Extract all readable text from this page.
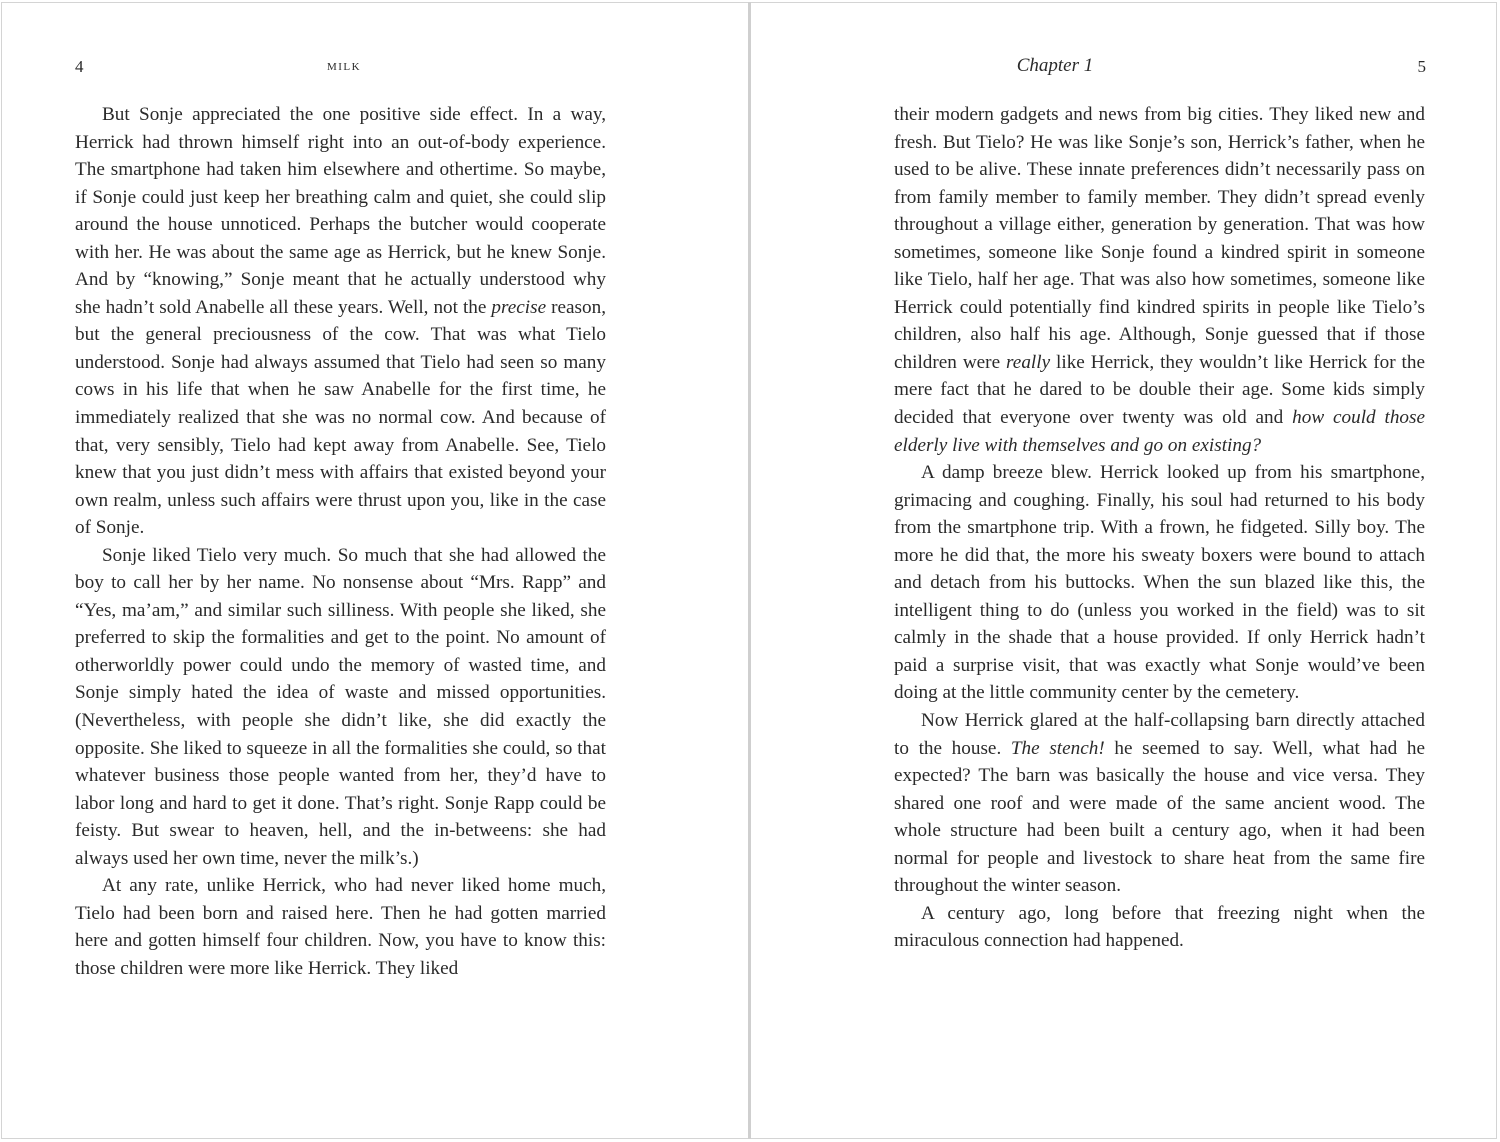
4	milk

But Sonje appreciated the one positive side effect. In a way, Herrick had thrown himself right into an out-of-body experience. The smartphone had taken him elsewhere and othertime. So maybe, if Sonje could just keep her breathing calm and quiet, she could slip around the house unnoticed. Perhaps the butcher would cooperate with her. He was about the same age as Herrick, but he knew Sonje. And by “knowing,” Sonje meant that he actually understood why she hadn’t sold Anabelle all these years. Well, not the precise reason, but the general preciousness of the cow. That was what Tielo understood. Sonje had always assumed that Tielo had seen so many cows in his life that when he saw Anabelle for the first time, he immediately realized that she was no normal cow. And because of that, very sensibly, Tielo had kept away from Anabelle. See, Tielo knew that you just didn’t mess with affairs that existed beyond your own realm, unless such affairs were thrust upon you, like in the case of Sonje.

Sonje liked Tielo very much. So much that she had allowed the boy to call her by her name. No nonsense about “Mrs. Rapp” and “Yes, ma’am,” and similar such silliness. With people she liked, she preferred to skip the formalities and get to the point. No amount of otherworldly power could undo the memory of wasted time, and Sonje simply hated the idea of waste and missed opportunities. (Nevertheless, with people she didn’t like, she did exactly the opposite. She liked to squeeze in all the formalities she could, so that whatever business those people wanted from her, they’d have to labor long and hard to get it done. That’s right. Sonje Rapp could be feisty. But swear to heaven, hell, and the in-betweens: she had always used her own time, never the milk’s.)

At any rate, unlike Herrick, who had never liked home much, Tielo had been born and raised here. Then he had gotten married here and gotten himself four children. Now, you have to know this: those children were more like Herrick. They liked

Chapter 1	5

their modern gadgets and news from big cities. They liked new and fresh. But Tielo? He was like Sonje’s son, Herrick’s father, when he used to be alive. These innate preferences didn’t necessarily pass on from family member to family member. They didn’t spread evenly throughout a village either, generation by generation. That was how sometimes, someone like Sonje found a kindred spirit in someone like Tielo, half her age. That was also how sometimes, someone like Herrick could potentially find kindred spirits in people like Tielo’s children, also half his age. Although, Sonje guessed that if those children were really like Herrick, they wouldn’t like Herrick for the mere fact that he dared to be double their age. Some kids simply decided that everyone over twenty was old and how could those elderly live with themselves and go on existing?

A damp breeze blew. Herrick looked up from his smartphone, grimacing and coughing. Finally, his soul had returned to his body from the smartphone trip. With a frown, he fidgeted. Silly boy. The more he did that, the more his sweaty boxers were bound to attach and detach from his buttocks. When the sun blazed like this, the intelligent thing to do (unless you worked in the field) was to sit calmly in the shade that a house provided. If only Herrick hadn’t paid a surprise visit, that was exactly what Sonje would’ve been doing at the little community center by the cemetery.

Now Herrick glared at the half-collapsing barn directly attached to the house. The stench! he seemed to say. Well, what had he expected? The barn was basically the house and vice versa. They shared one roof and were made of the same ancient wood. The whole structure had been built a century ago, when it had been normal for people and livestock to share heat from the same fire throughout the winter season.

A century ago, long before that freezing night when the miraculous connection had happened.
